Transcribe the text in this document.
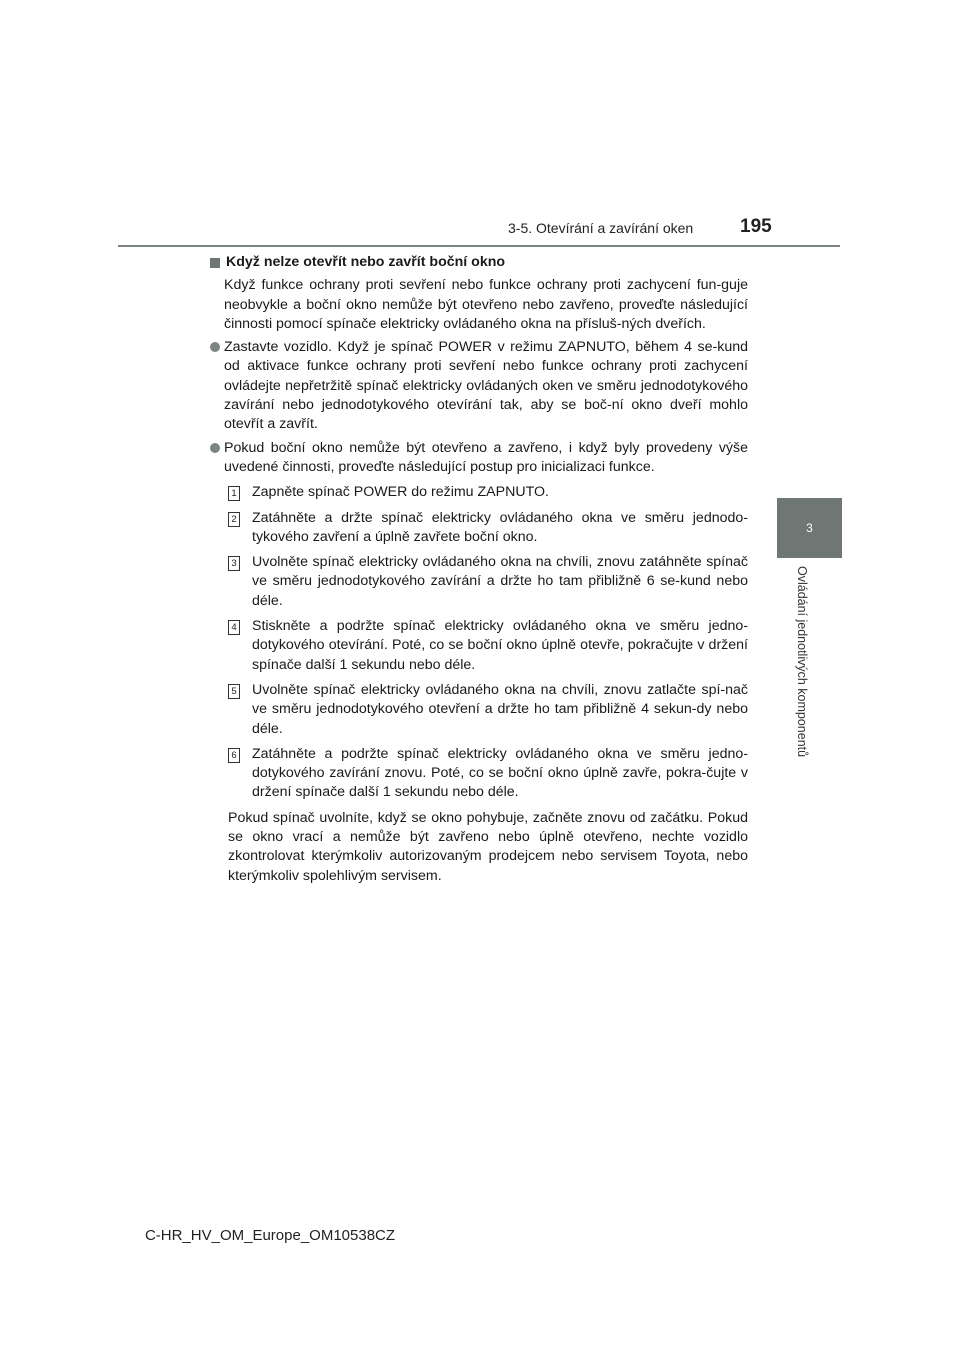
3-5. Otevírání a zavírání oken 195
3
Ovládání jednotlivých komponentů
Když nelze otevřít nebo zavřít boční okno
Když funkce ochrany proti sevření nebo funkce ochrany proti zachycení fun-guje neobvykle a boční okno nemůže být otevřeno nebo zavřeno, proveďte následující činnosti pomocí spínače elektricky ovládaného okna na přísluš-ných dveřích.
Zastavte vozidlo. Když je spínač POWER v režimu ZAPNUTO, během 4 se-kund od aktivace funkce ochrany proti sevření nebo funkce ochrany proti zachycení ovládejte nepřetržitě spínač elektricky ovládaných oken ve směru jednodotykového zavírání nebo jednodotykového otevírání tak, aby se boč-ní okno dveří mohlo otevřít a zavřít.
Pokud boční okno nemůže být otevřeno a zavřeno, i když byly provedeny výše uvedené činnosti, proveďte následující postup pro inicializaci funkce.
1 Zapněte spínač POWER do režimu ZAPNUTO.
2 Zatáhněte a držte spínač elektricky ovládaného okna ve směru jednodo-tykového zavření a úplně zavřete boční okno.
3 Uvolněte spínač elektricky ovládaného okna na chvíli, znovu zatáhněte spínač ve směru jednodotykového zavírání a držte ho tam přibližně 6 se-kund nebo déle.
4 Stiskněte a podržte spínač elektricky ovládaného okna ve směru jedno-dotykového otevírání. Poté, co se boční okno úplně otevře, pokračujte v držení spínače další 1 sekundu nebo déle.
5 Uvolněte spínač elektricky ovládaného okna na chvíli, znovu zatlačte spí-nač ve směru jednodotykového otevření a držte ho tam přibližně 4 sekun-dy nebo déle.
6 Zatáhněte a podržte spínač elektricky ovládaného okna ve směru jedno-dotykového zavírání znovu. Poté, co se boční okno úplně zavře, pokra-čujte v držení spínače další 1 sekundu nebo déle.
Pokud spínač uvolníte, když se okno pohybuje, začněte znovu od začátku. Pokud se okno vrací a nemůže být zavřeno nebo úplně otevřeno, nechte vozidlo zkontrolovat kterýmkoliv autorizovaným prodejcem nebo servisem Toyota, nebo kterýmkoliv spolehlivým servisem.
C-HR_HV_OM_Europe_OM10538CZ
